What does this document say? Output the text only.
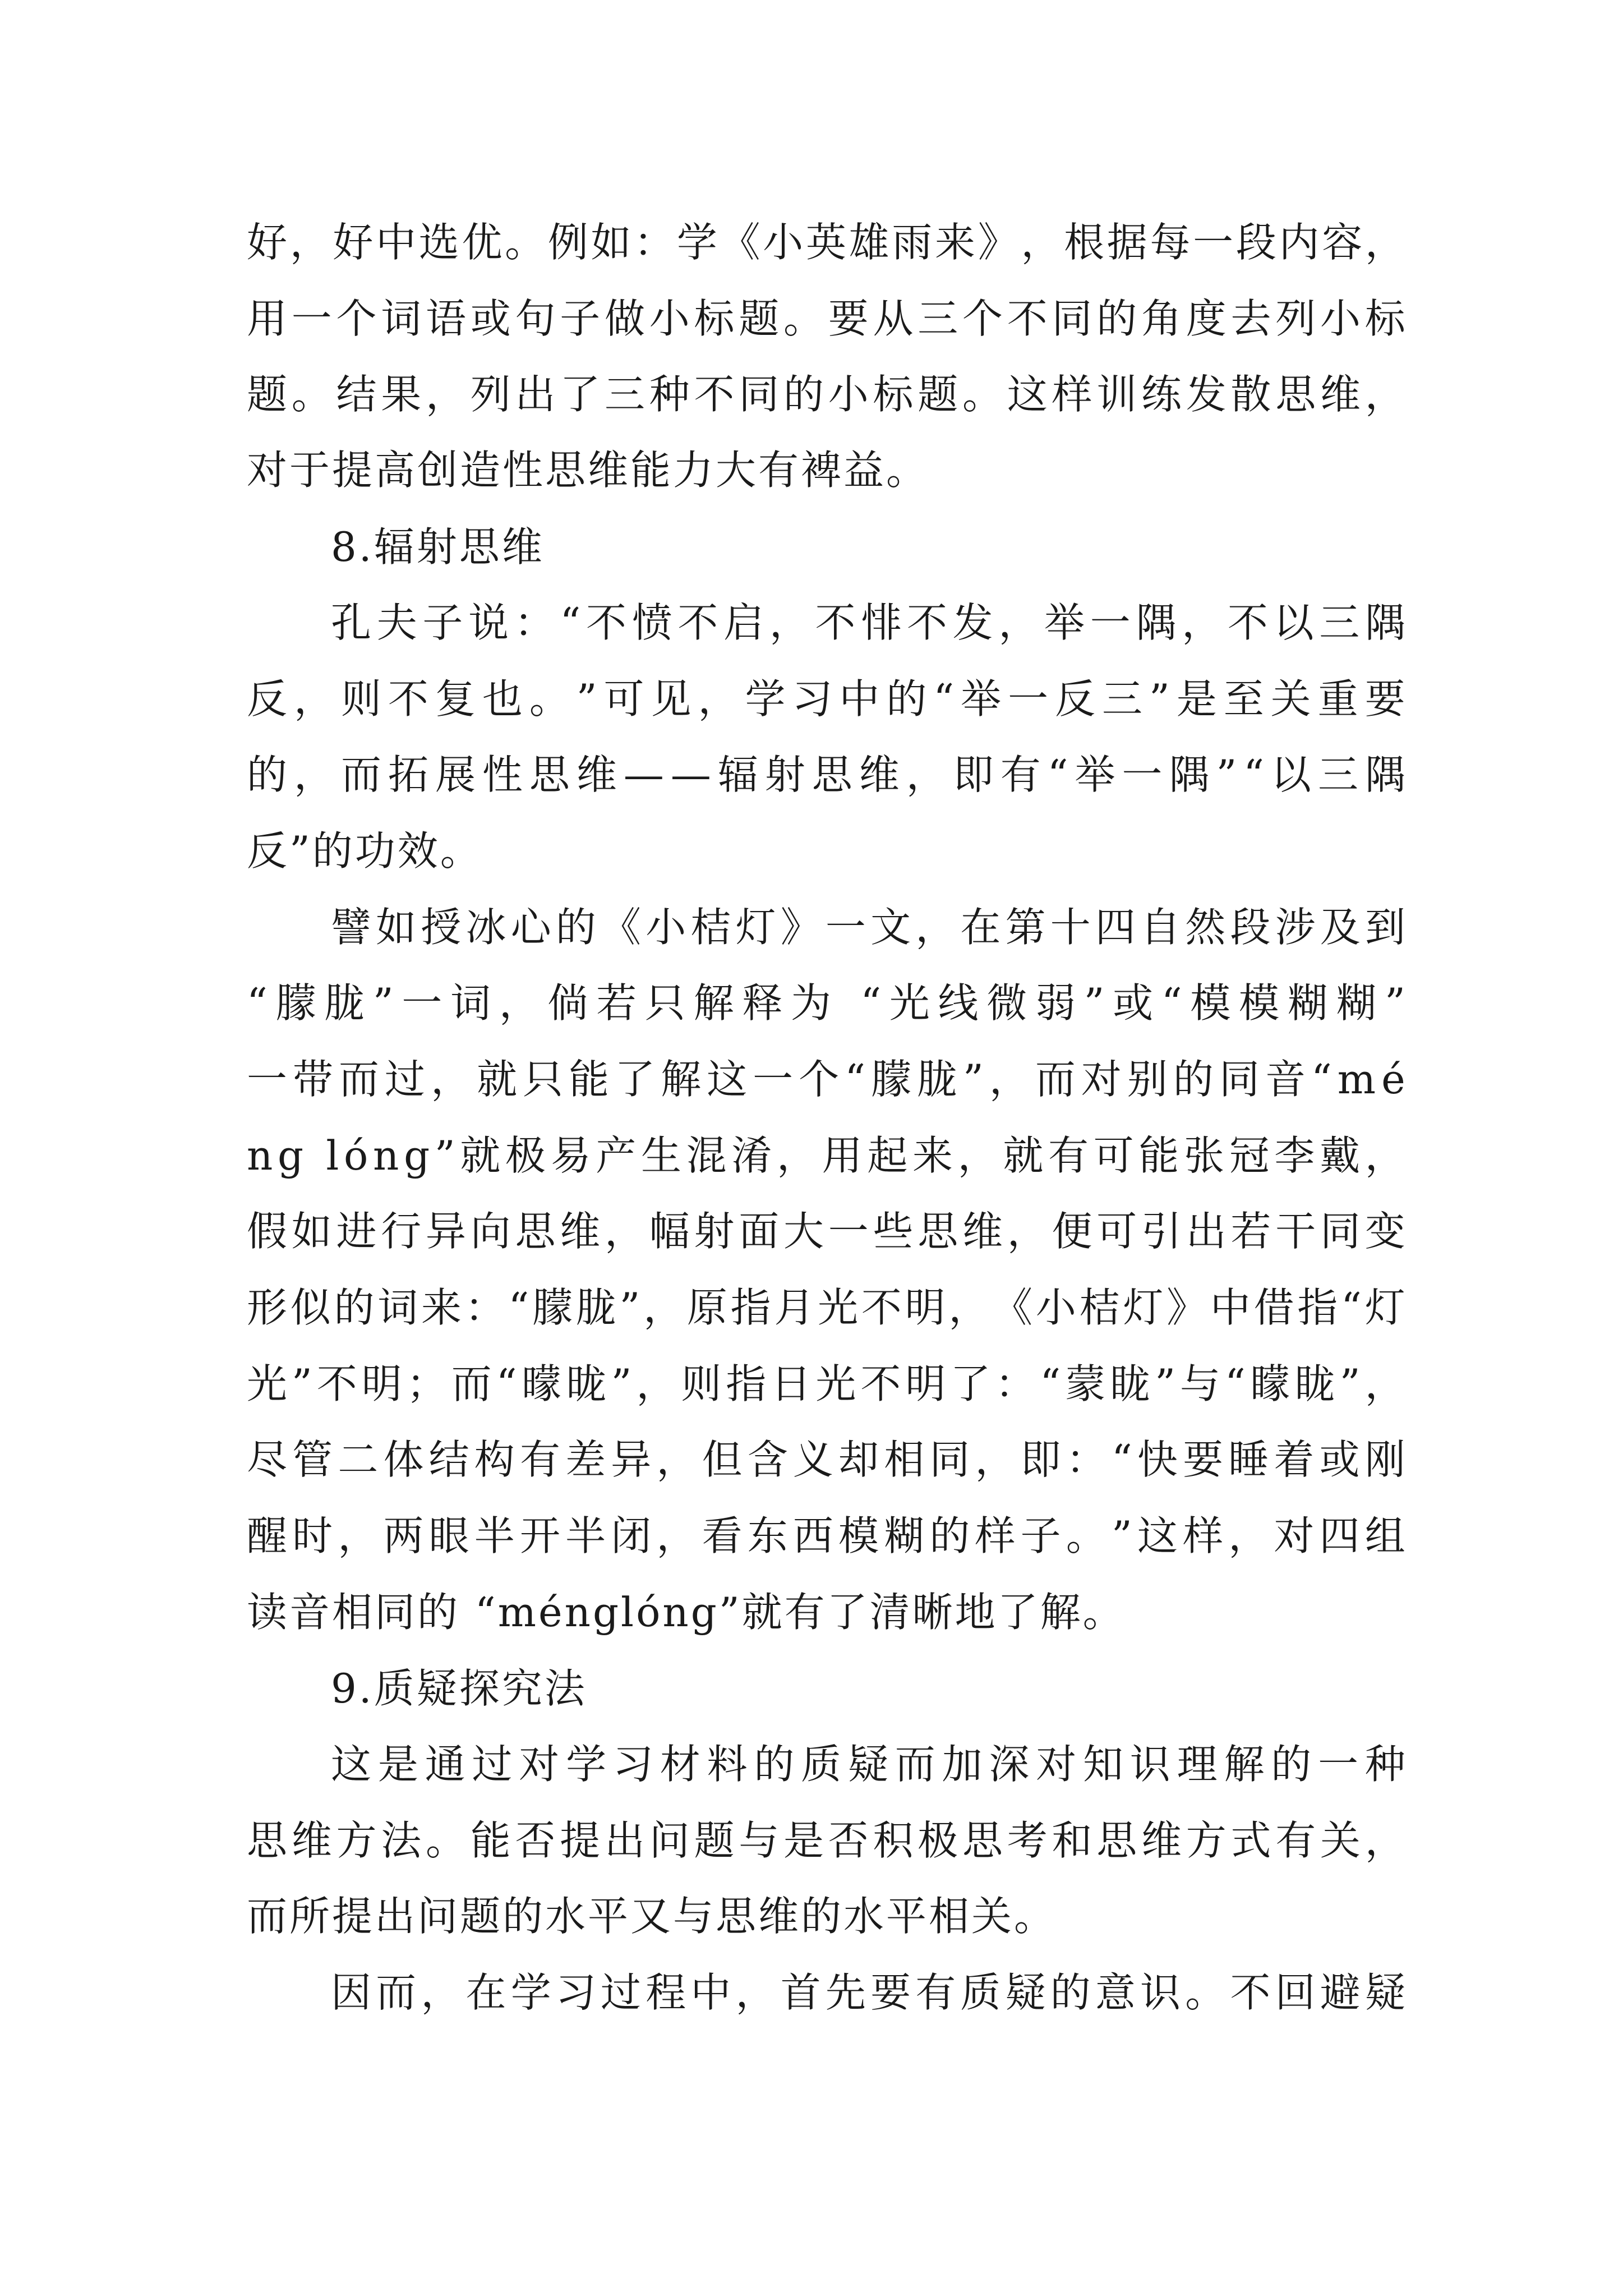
好 ， 好 中 选 优 。 例 如 ： 学 《 小 英 雄 雨 来 》 ， 根 据 每 一 段 内 容 ，
用 一 个 词 语 或 句 子 做 小 标 题 。 要 从 三 个 不 同 的 角 度 去 列 小 标
题 。 结 果 ， 列 出 了 三 种 不 同 的 小 标 题 。 这 样 训 练 发 散 思 维 ，
对于提高创造性思维能力大有裨益。
8.辐射思维
孔 夫 子 说 ： “ 不 愤 不 启 ， 不 悱 不 发 ， 举 一 隅 ， 不 以 三 隅
反 ， 则 不 复 也 。 ” 可 见 ， 学 习 中 的 “ 举 一 反 三 ” 是 至 关 重 要
的 ， 而 拓 展 性 思 维 — — 辐 射 思 维 ， 即 有 “ 举 一 隅 ” “ 以 三 隅
反”的功效。
譬 如 授 冰 心 的 《 小 桔 灯 》 一 文 ， 在 第 十 四 自 然 段 涉 及 到
“ 朦 胧 ” 一 词 ， 倘 若 只 解 释 为
“ 光 线 微 弱 ” 或 “ 模 模 糊 糊 ”
一 带 而 过 ， 就 只 能 了 解 这 一 个 “ 朦 胧 ” ， 而 对 别 的 同 音 “ m é
n g
l ó n g ” 就 极 易 产 生 混 淆 ， 用 起 来 ， 就 有 可 能 张 冠 李 戴 ，
假 如 进 行 异 向 思 维 ， 幅 射 面 大 一 些 思 维 ， 便 可 引 出 若 干 同 变
形 似 的 词 来 ： “ 朦 胧 ” ， 原 指 月 光 不 明 ， 《 小 桔 灯 》 中 借 指 “ 灯
光 ” 不 明 ； 而 “ 曚 昽 ” ， 则 指 日 光 不 明 了 ： “ 蒙 眬 ” 与 “ 矇 眬 ” ，
尽 管 二 体 结 构 有 差 异 ， 但 含 义 却 相 同 ， 即 ： “ 快 要 睡 着 或 刚
醒 时 ， 两 眼 半 开 半 闭 ， 看 东 西 模 糊 的 样 子 。 ” 这 样 ， 对 四 组
读音相同的 “ménglóng”就有了清晰地了解。
9.质疑探究法
这 是 通 过 对 学 习 材 料 的 质 疑 而 加 深 对 知 识 理 解 的 一 种
思 维 方 法 。 能 否 提 出 问 题 与 是 否 积 极 思 考 和 思 维 方 式 有 关 ，
而所提出问题的水平又与思维的水平相关。
因 而 ， 在 学 习 过 程 中 ， 首 先 要 有 质 疑 的 意 识 。 不 回 避 疑
